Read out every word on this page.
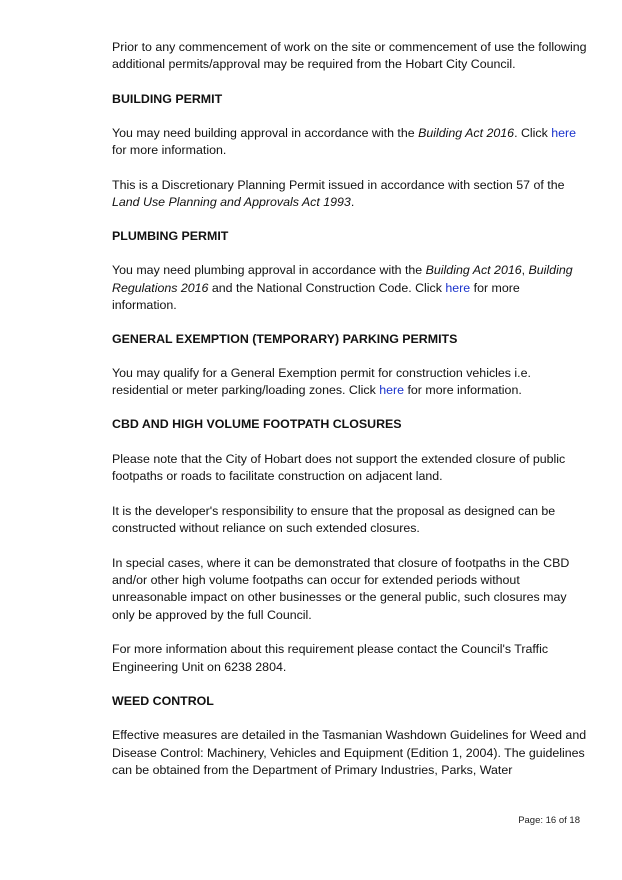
Prior to any commencement of work on the site or commencement of use the following additional permits/approval may be required from the Hobart City Council.

BUILDING PERMIT

You may need building approval in accordance with the Building Act 2016. Click here for more information.

This is a Discretionary Planning Permit issued in accordance with section 57 of the Land Use Planning and Approvals Act 1993.

PLUMBING PERMIT

You may need plumbing approval in accordance with the Building Act 2016, Building Regulations 2016 and the National Construction Code. Click here for more information.

GENERAL EXEMPTION (TEMPORARY) PARKING PERMITS

You may qualify for a General Exemption permit for construction vehicles i.e. residential or meter parking/loading zones. Click here for more information.

CBD AND HIGH VOLUME FOOTPATH CLOSURES

Please note that the City of Hobart does not support the extended closure of public footpaths or roads to facilitate construction on adjacent land.

It is the developer's responsibility to ensure that the proposal as designed can be constructed without reliance on such extended closures.

In special cases, where it can be demonstrated that closure of footpaths in the CBD and/or other high volume footpaths can occur for extended periods without unreasonable impact on other businesses or the general public, such closures may only be approved by the full Council.

For more information about this requirement please contact the Council's Traffic Engineering Unit on 6238 2804.

WEED CONTROL

Effective measures are detailed in the Tasmanian Washdown Guidelines for Weed and Disease Control: Machinery, Vehicles and Equipment (Edition 1, 2004). The guidelines can be obtained from the Department of Primary Industries, Parks, Water

Page: 16 of 18
